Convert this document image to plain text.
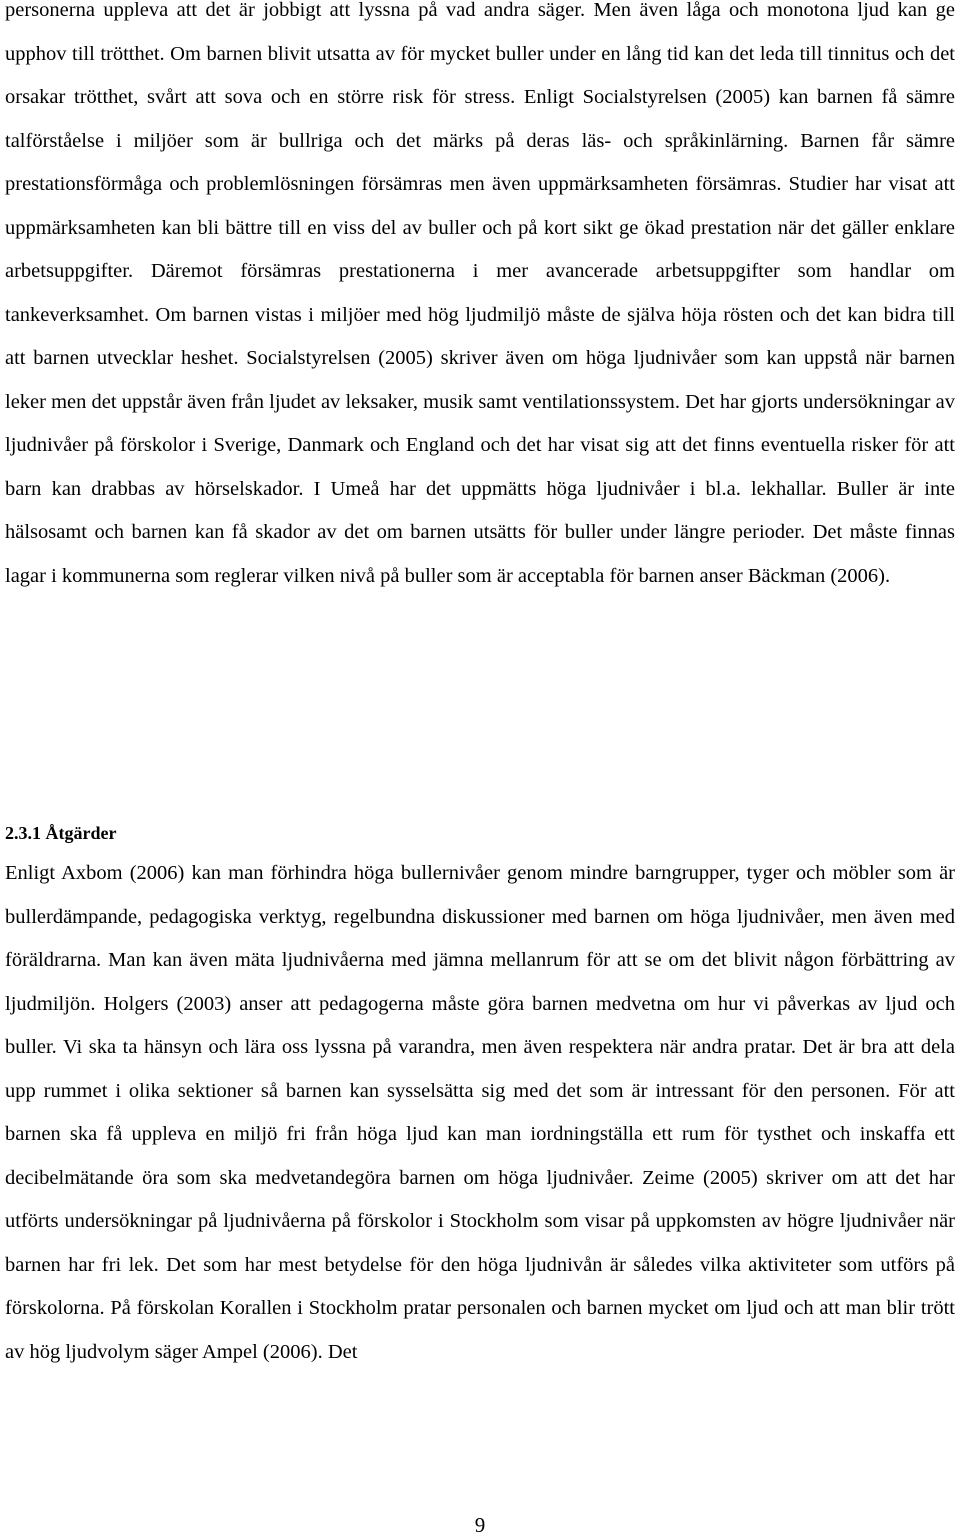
personerna uppleva att det är jobbigt att lyssna på vad andra säger. Men även låga och monotona ljud kan ge upphov till trötthet. Om barnen blivit utsatta av för mycket buller under en lång tid kan det leda till tinnitus och det orsakar trötthet, svårt att sova och en större risk för stress. Enligt Socialstyrelsen (2005) kan barnen få sämre talförståelse i miljöer som är bullriga och det märks på deras läs- och språkinlärning. Barnen får sämre prestationsförmåga och problemlösningen försämras men även uppmärksamheten försämras. Studier har visat att uppmärksamheten kan bli bättre till en viss del av buller och på kort sikt ge ökad prestation när det gäller enklare arbetsuppgifter. Däremot försämras prestationerna i mer avancerade arbetsuppgifter som handlar om tankeverksamhet. Om barnen vistas i miljöer med hög ljudmiljö måste de själva höja rösten och det kan bidra till att barnen utvecklar heshet. Socialstyrelsen (2005) skriver även om höga ljudnivåer som kan uppstå när barnen leker men det uppstår även från ljudet av leksaker, musik samt ventilationssystem. Det har gjorts undersökningar av ljudnivåer på förskolor i Sverige, Danmark och England och det har visat sig att det finns eventuella risker för att barn kan drabbas av hörselskador. I Umeå har det uppmätts höga ljudnivåer i bl.a. lekhallar. Buller är inte hälsosamt och barnen kan få skador av det om barnen utsätts för buller under längre perioder. Det måste finnas lagar i kommunerna som reglerar vilken nivå på buller som är acceptabla för barnen anser Bäckman (2006).

2.3.1 Åtgärder

Enligt Axbom (2006) kan man förhindra höga bullernivåer genom mindre barngrupper, tyger och möbler som är bullerdämpande, pedagogiska verktyg, regelbundna diskussioner med barnen om höga ljudnivåer, men även med föräldrarna. Man kan även mäta ljudnivåerna med jämna mellanrum för att se om det blivit någon förbättring av ljudmiljön. Holgers (2003) anser att pedagogerna måste göra barnen medvetna om hur vi påverkas av ljud och buller. Vi ska ta hänsyn och lära oss lyssna på varandra, men även respektera när andra pratar. Det är bra att dela upp rummet i olika sektioner så barnen kan sysselsätta sig med det som är intressant för den personen. För att barnen ska få uppleva en miljö fri från höga ljud kan man iordningställa ett rum för tysthet och inskaffa ett decibelmätande öra som ska medvetandegöra barnen om höga ljudnivåer. Zeime (2005) skriver om att det har utförts undersökningar på ljudnivåerna på förskolor i Stockholm som visar på uppkomsten av högre ljudnivåer när barnen har fri lek. Det som har mest betydelse för den höga ljudnivån är således vilka aktiviteter som utförs på förskolorna. På förskolan Korallen i Stockholm pratar personalen och barnen mycket om ljud och att man blir trött av hög ljudvolym säger Ampel (2006). Det

9
